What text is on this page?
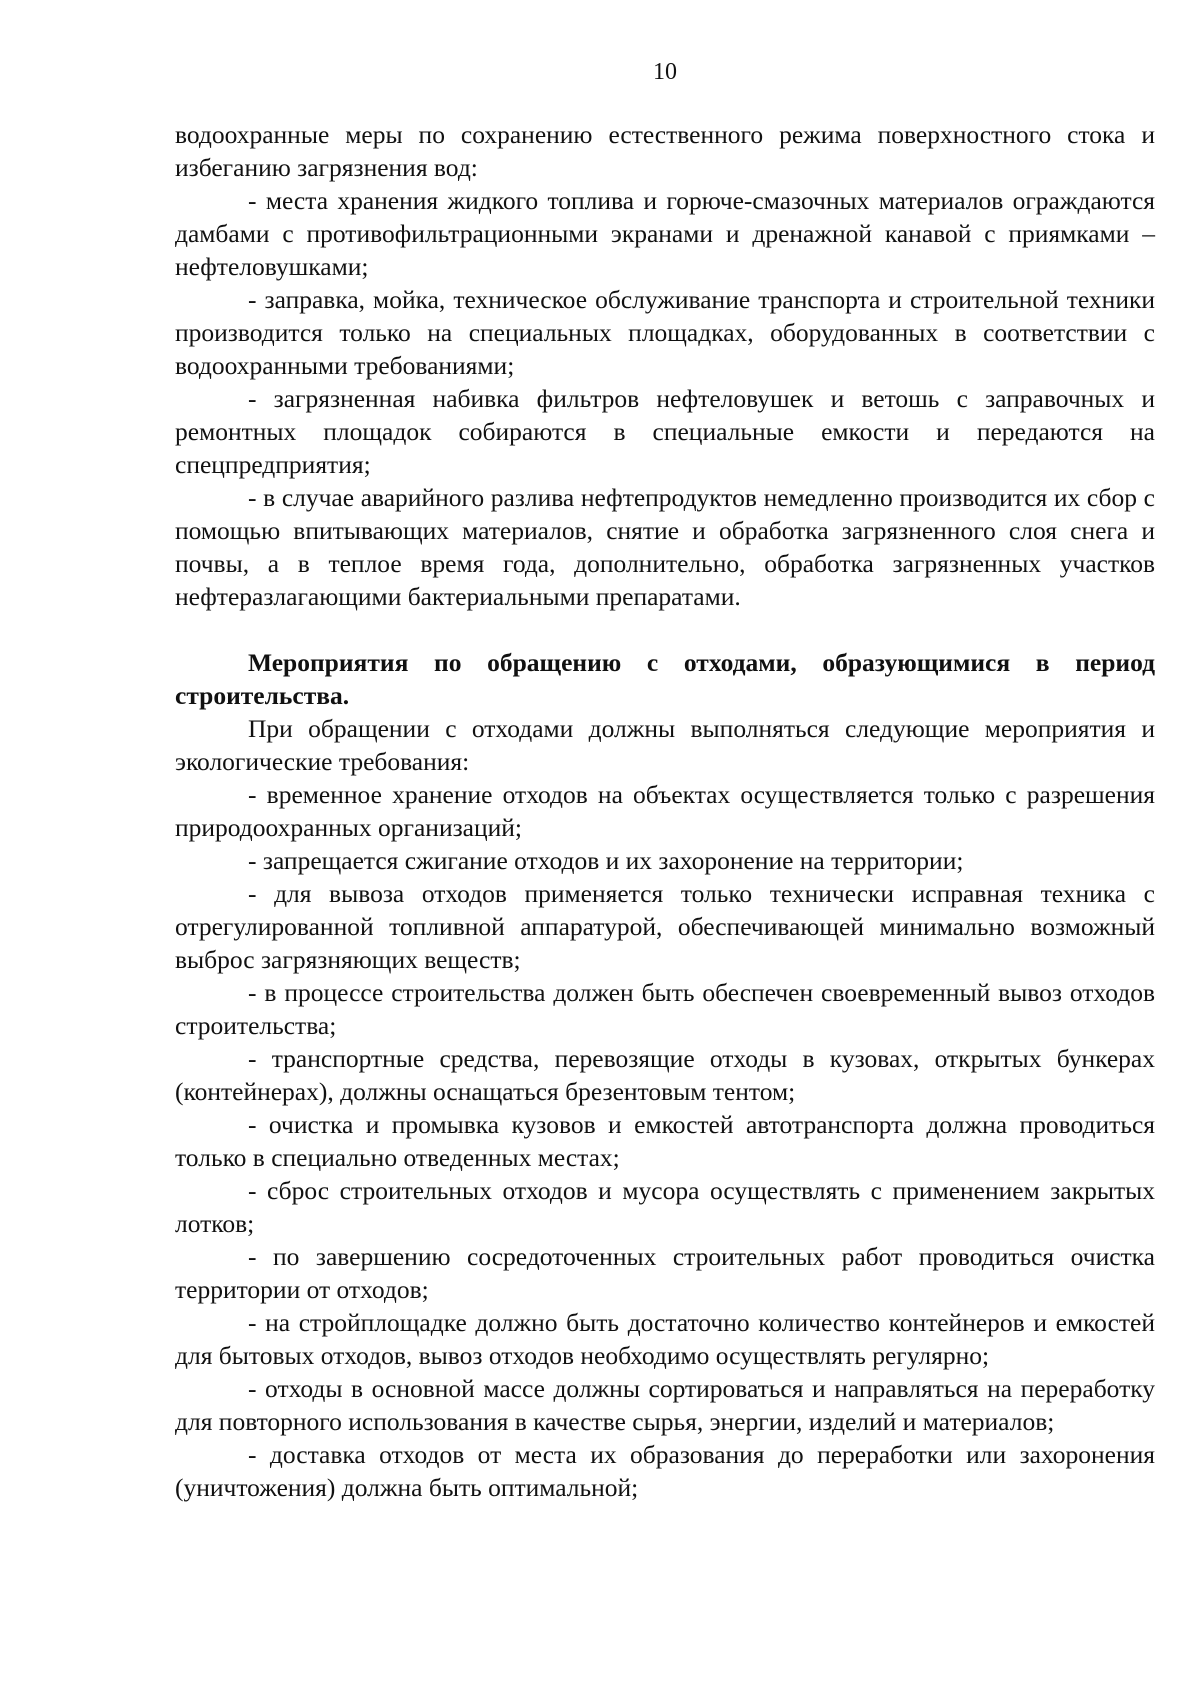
10

водоохранные меры по сохранению естественного режима поверхностного стока и избеганию загрязнения вод:

- места хранения жидкого топлива и горюче-смазочных материалов ограждаются дамбами с противофильтрационными экранами и дренажной канавой с приямками – нефтеловушками;

- заправка, мойка, техническое обслуживание транспорта и строительной техники производится только на специальных площадках, оборудованных в соответствии с водоохранными требованиями;

- загрязненная набивка фильтров нефтеловушек и ветошь с заправочных и ремонтных площадок собираются в специальные емкости и передаются на спецпредприятия;

- в случае аварийного разлива нефтепродуктов немедленно производится их сбор с помощью впитывающих материалов, снятие и обработка загрязненного слоя снега и почвы, а в теплое время года, дополнительно, обработка загрязненных участков нефтеразлагающими бактериальными препаратами.

Мероприятия по обращению с отходами, образующимися в период строительства.

При обращении с отходами должны выполняться следующие мероприятия и экологические требования:

- временное хранение отходов на объектах осуществляется только с разрешения природоохранных организаций;

- запрещается сжигание отходов и их захоронение на территории;

- для вывоза отходов применяется только технически исправная техника с отрегулированной топливной аппаратурой, обеспечивающей минимально возможный выброс загрязняющих веществ;

- в процессе строительства должен быть обеспечен своевременный вывоз отходов строительства;

- транспортные средства, перевозящие отходы в кузовах, открытых бункерах (контейнерах), должны оснащаться брезентовым тентом;

- очистка и промывка кузовов и емкостей автотранспорта должна проводиться только в специально отведенных местах;

- сброс строительных отходов и мусора осуществлять с применением закрытых лотков;

- по завершению сосредоточенных строительных работ проводиться очистка территории от отходов;

- на стройплощадке должно быть достаточно количество контейнеров и емкостей для бытовых отходов, вывоз отходов необходимо осуществлять регулярно;

- отходы в основной массе должны сортироваться и направляться на переработку для повторного использования в качестве сырья, энергии, изделий и материалов;

- доставка отходов от места их образования до переработки или захоронения (уничтожения) должна быть оптимальной;
